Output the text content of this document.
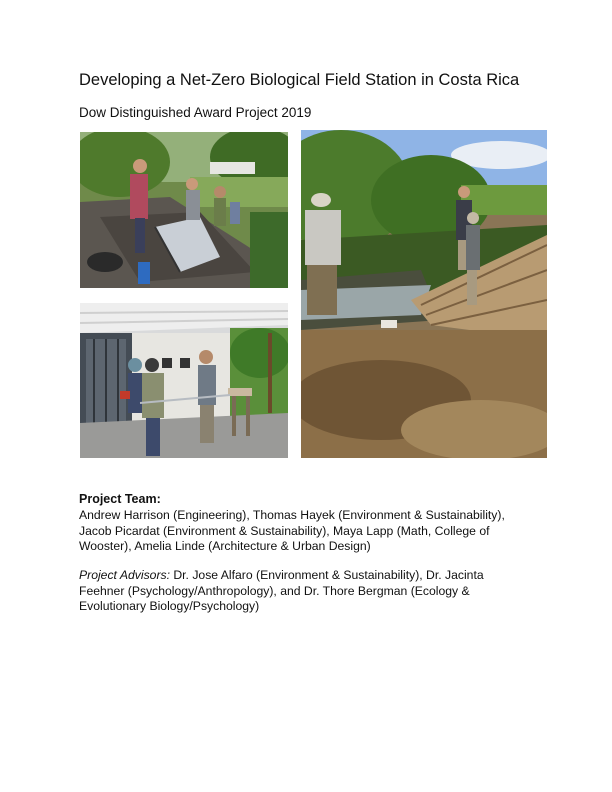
Developing a Net-Zero Biological Field Station in Costa Rica
Dow Distinguished Award Project 2019
Project Team:
Andrew Harrison (Engineering), Thomas Hayek (Environment & Sustainability), Jacob Picardat (Environment & Sustainability), Maya Lapp (Math, College of Wooster), Amelia Linde (Architecture & Urban Design)
Project Advisors: Dr. Jose Alfaro (Environment & Sustainability), Dr. Jacinta Feehner (Psychology/Anthropology), and Dr. Thore Bergman (Ecology & Evolutionary Biology/Psychology)
